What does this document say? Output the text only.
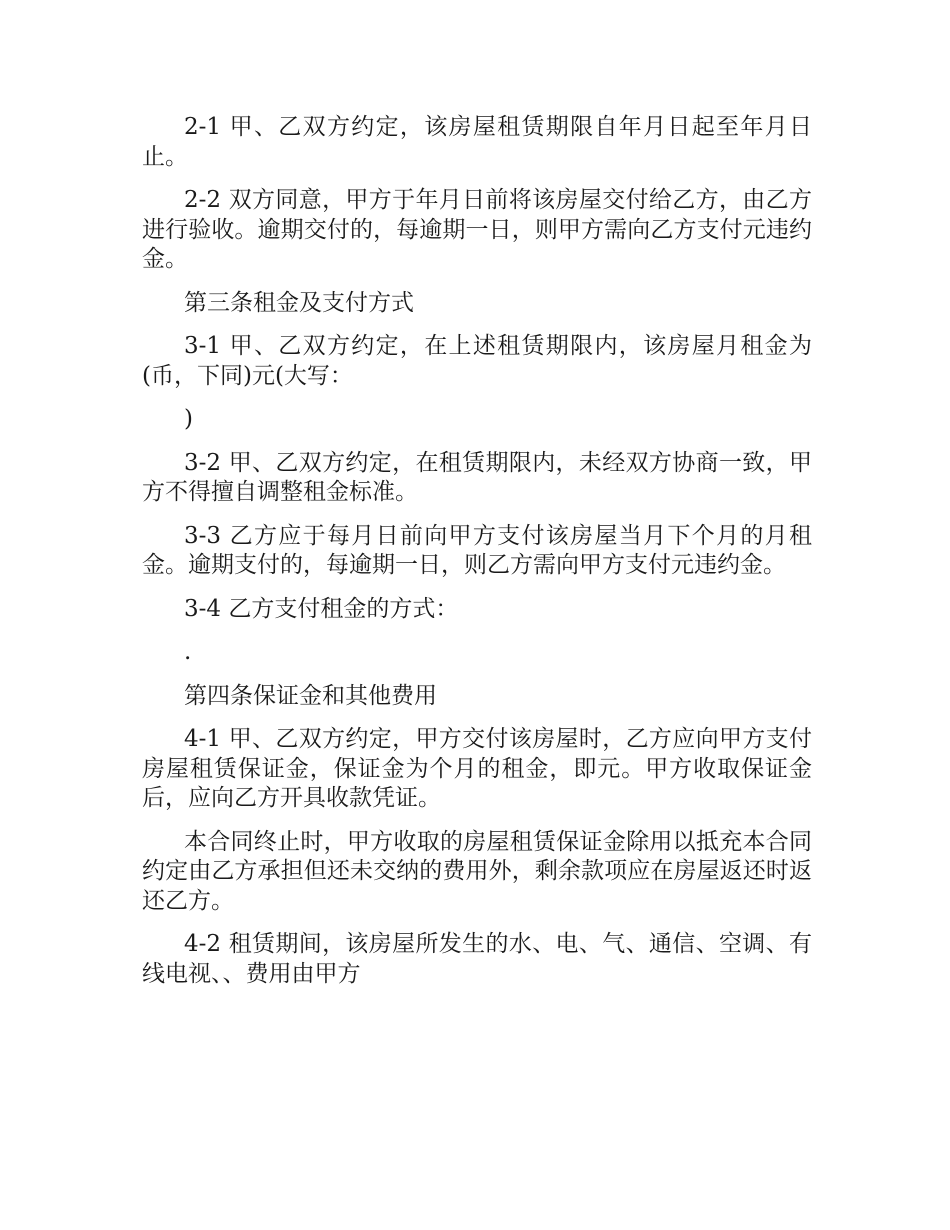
2-1 甲、乙双方约定，该房屋租赁期限自年月日起至年月日止。

2-2 双方同意，甲方于年月日前将该房屋交付给乙方，由乙方进行验收。逾期交付的，每逾期一日，则甲方需向乙方支付元违约金。

第三条租金及支付方式

3-1 甲、乙双方约定，在上述租赁期限内，该房屋月租金为(币，下同)元(大写：

)

3-2 甲、乙双方约定，在租赁期限内，未经双方协商一致，甲方不得擅自调整租金标准。

3-3 乙方应于每月日前向甲方支付该房屋当月下个月的月租金。逾期支付的，每逾期一日，则乙方需向甲方支付元违约金。

3-4 乙方支付租金的方式：

.

第四条保证金和其他费用

4-1 甲、乙双方约定，甲方交付该房屋时，乙方应向甲方支付房屋租赁保证金，保证金为个月的租金，即元。甲方收取保证金后，应向乙方开具收款凭证。

本合同终止时，甲方收取的房屋租赁保证金除用以抵充本合同约定由乙方承担但还未交纳的费用外，剩余款项应在房屋返还时返还乙方。

4-2 租赁期间，该房屋所发生的水、电、气、通信、空调、有线电视、、费用由甲方
